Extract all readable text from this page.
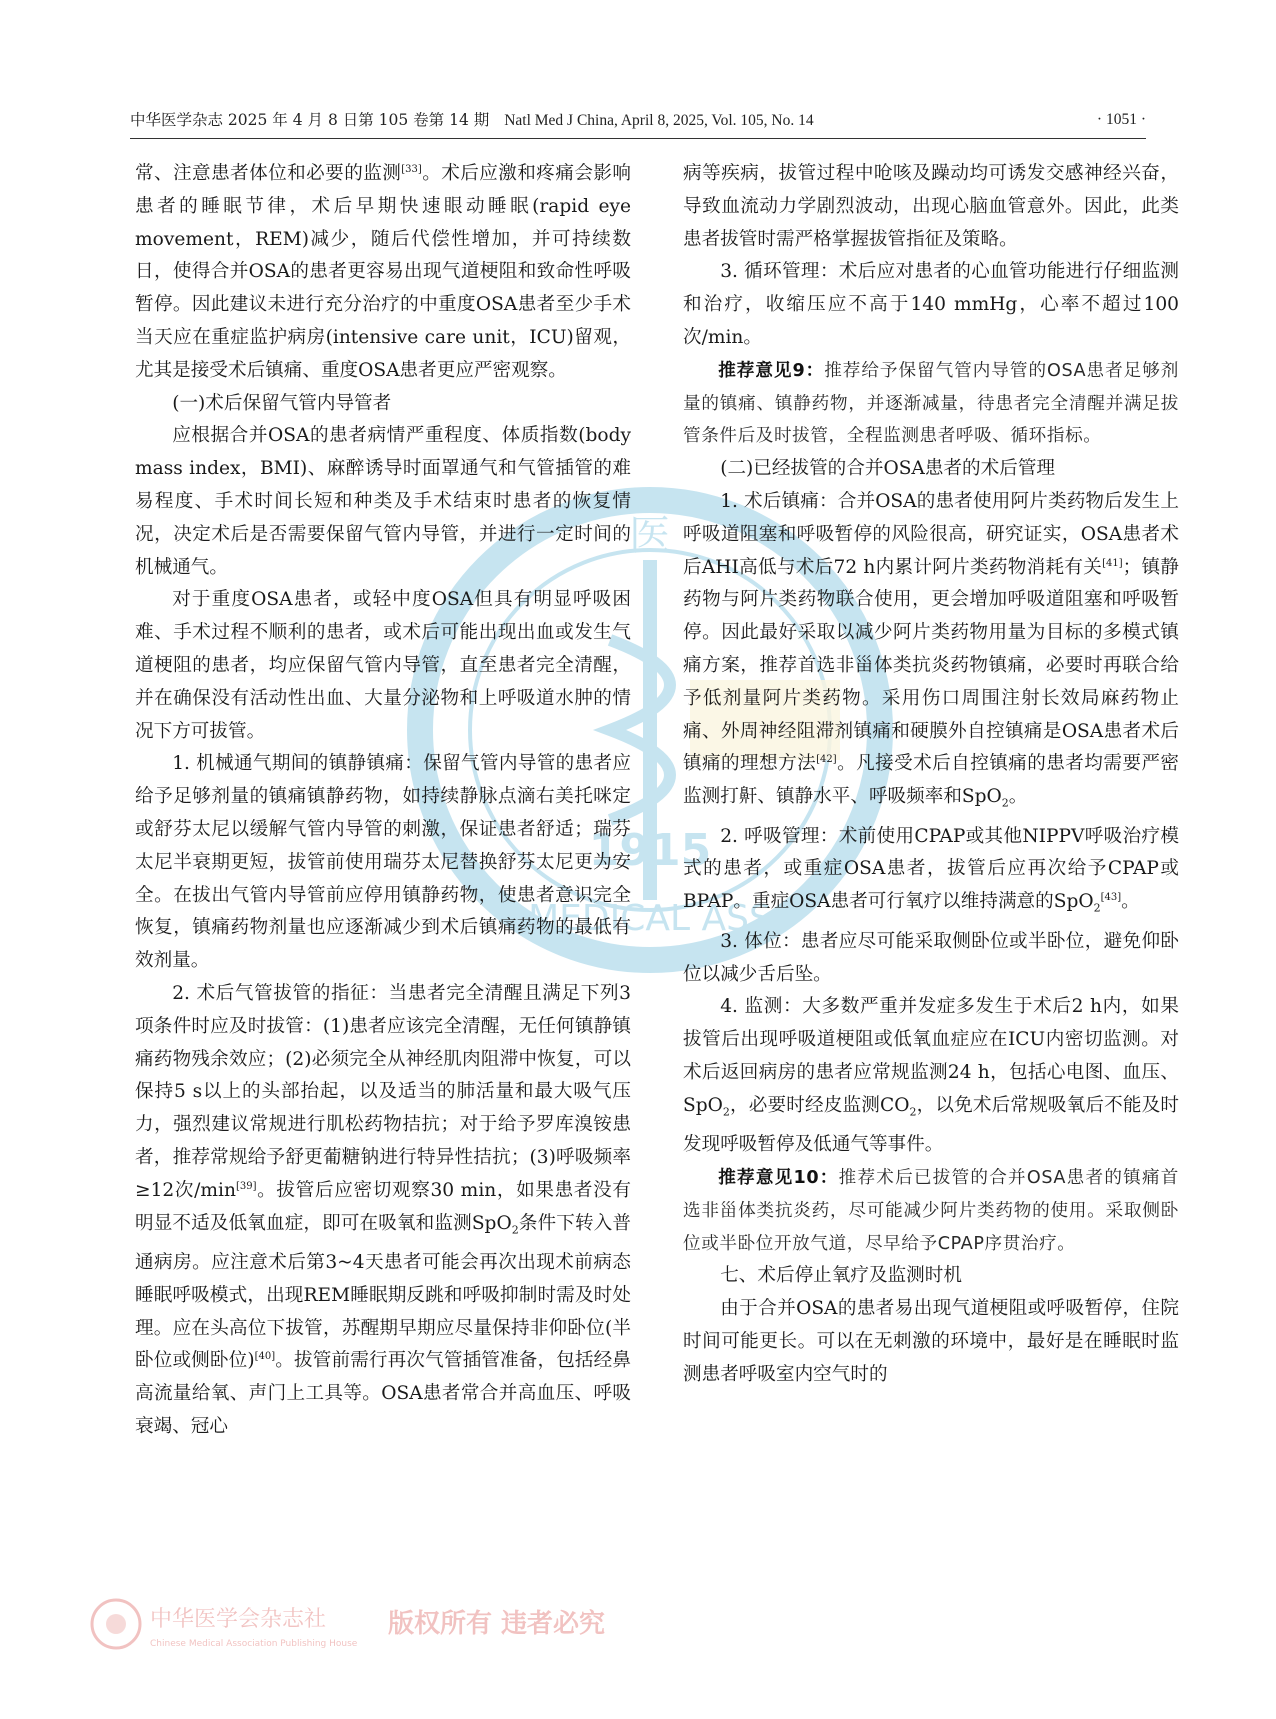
中华医学杂志 2025 年 4 月 8 日第 105 卷第 14 期 Natl Med J China, April 8, 2025, Vol. 105, No. 14	· 1051 ·
医
1915
MEDICAL ASS

常、注意患者体位和必要的监测[33]。术后应激和疼痛会影响患者的睡眠节律，术后早期快速眼动睡眠(rapid eye movement，REM)减少，随后代偿性增加，并可持续数日，使得合并OSA的患者更容易出现气道梗阻和致命性呼吸暂停。因此建议未进行充分治疗的中重度OSA患者至少手术当天应在重症监护病房(intensive care unit，ICU)留观，尤其是接受术后镇痛、重度OSA患者更应严密观察。

(一)术后保留气管内导管者

应根据合并OSA的患者病情严重程度、体质指数(body mass index，BMI)、麻醉诱导时面罩通气和气管插管的难易程度、手术时间长短和种类及手术结束时患者的恢复情况，决定术后是否需要保留气管内导管，并进行一定时间的机械通气。

对于重度OSA患者，或轻中度OSA但具有明显呼吸困难、手术过程不顺利的患者，或术后可能出现出血或发生气道梗阻的患者，均应保留气管内导管，直至患者完全清醒，并在确保没有活动性出血、大量分泌物和上呼吸道水肿的情况下方可拔管。

1. 机械通气期间的镇静镇痛：保留气管内导管的患者应给予足够剂量的镇痛镇静药物，如持续静脉点滴右美托咪定或舒芬太尼以缓解气管内导管的刺激，保证患者舒适；瑞芬太尼半衰期更短，拔管前使用瑞芬太尼替换舒芬太尼更为安全。在拔出气管内导管前应停用镇静药物，使患者意识完全恢复，镇痛药物剂量也应逐渐减少到术后镇痛药物的最低有效剂量。

2. 术后气管拔管的指征：当患者完全清醒且满足下列3项条件时应及时拔管：(1)患者应该完全清醒，无任何镇静镇痛药物残余效应；(2)必须完全从神经肌肉阻滞中恢复，可以保持5 s以上的头部抬起，以及适当的肺活量和最大吸气压力，强烈建议常规进行肌松药物拮抗；对于给予罗库溴铵患者，推荐常规给予舒更葡糖钠进行特异性拮抗；(3)呼吸频率≥12次/min[39]。拔管后应密切观察30 min，如果患者没有明显不适及低氧血症，即可在吸氧和监测SpO$_2$条件下转入普通病房。应注意术后第3~4天患者可能会再次出现术前病态睡眠呼吸模式，出现REM睡眠期反跳和呼吸抑制时需及时处理。应在头高位下拔管，苏醒期早期应尽量保持非仰卧位(半卧位或侧卧位)[40]。拔管前需行再次气管插管准备，包括经鼻高流量给氧、声门上工具等。OSA患者常合并高血压、呼吸衰竭、冠心

病等疾病，拔管过程中呛咳及躁动均可诱发交感神经兴奋，导致血流动力学剧烈波动，出现心脑血管意外。因此，此类患者拔管时需严格掌握拔管指征及策略。

3. 循环管理：术后应对患者的心血管功能进行仔细监测和治疗，收缩压应不高于140 mmHg，心率不超过100次/min。

推荐意见9：推荐给予保留气管内导管的OSA患者足够剂量的镇痛、镇静药物，并逐渐减量，待患者完全清醒并满足拔管条件后及时拔管，全程监测患者呼吸、循环指标。

(二)已经拔管的合并OSA患者的术后管理

1. 术后镇痛：合并OSA的患者使用阿片类药物后发生上呼吸道阻塞和呼吸暂停的风险很高，研究证实，OSA患者术后AHI高低与术后72 h内累计阿片类药物消耗有关[41]；镇静药物与阿片类药物联合使用，更会增加呼吸道阻塞和呼吸暂停。因此最好采取以减少阿片类药物用量为目标的多模式镇痛方案，推荐首选非甾体类抗炎药物镇痛，必要时再联合给予低剂量阿片类药物。采用伤口周围注射长效局麻药物止痛、外周神经阻滞剂镇痛和硬膜外自控镇痛是OSA患者术后镇痛的理想方法[42]。凡接受术后自控镇痛的患者均需要严密监测打鼾、镇静水平、呼吸频率和SpO$_2$。

2. 呼吸管理：术前使用CPAP或其他NIPPV呼吸治疗模式的患者，或重症OSA患者，拔管后应再次给予CPAP或BPAP。重症OSA患者可行氧疗以维持满意的SpO$_2$[43]。

3. 体位：患者应尽可能采取侧卧位或半卧位，避免仰卧位以减少舌后坠。

4. 监测：大多数严重并发症多发生于术后2 h内，如果拔管后出现呼吸道梗阻或低氧血症应在ICU内密切监测。对术后返回病房的患者应常规监测24 h，包括心电图、血压、SpO$_2$，必要时经皮监测$CO_2$，以免术后常规吸氧后不能及时发现呼吸暂停及低通气等事件。

推荐意见10：推荐术后已拔管的合并OSA患者的镇痛首选非甾体类抗炎药，尽可能减少阿片类药物的使用。采取侧卧位或半卧位开放气道，尽早给予CPAP序贯治疗。

七、术后停止氧疗及监测时机

由于合并OSA的患者易出现气道梗阻或呼吸暂停，住院时间可能更长。可以在无刺激的环境中，最好是在睡眠时监测患者呼吸室内空气时的

中华医学会杂志社
Chinese Medical Association Publishing House
版权所有 违者必究
